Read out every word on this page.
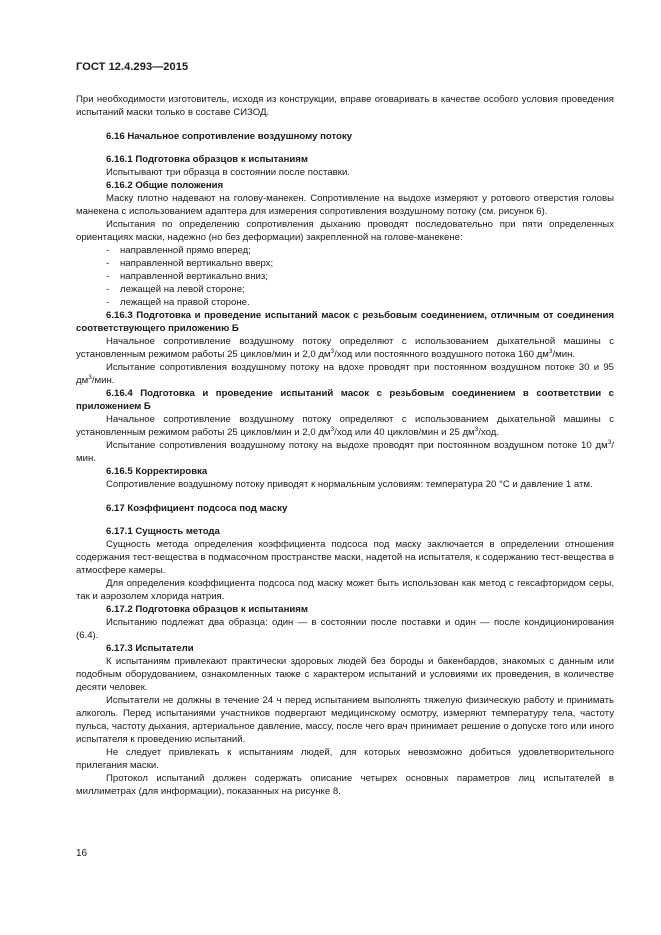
ГОСТ 12.4.293—2015

При необходимости изготовитель, исходя из конструкции, вправе оговаривать в качестве особого условия проведения испытаний маски только в составе СИЗОД.

6.16 Начальное сопротивление воздушному потоку

6.16.1 Подготовка образцов к испытаниям

Испытывают три образца в состоянии после поставки.

6.16.2 Общие положения

Маску плотно надевают на голову-манекен. Сопротивление на выдохе измеряют у ротового отверстия головы манекена с использованием адаптера для измерения сопротивления воздушному потоку (см. рисунок 6).

Испытания по определению сопротивления дыханию проводят последовательно при пяти определенных ориентациях маски, надежно (но без деформации) закрепленной на голове-манекене:

- направленной прямо вперед;

- направленной вертикально вверх;

- направленной вертикально вниз;

- лежащей на левой стороне;

- лежащей на правой стороне.

6.16.3 Подготовка и проведение испытаний масок с резьбовым соединением, отличным от соединения соответствующего приложению Б

Начальное сопротивление воздушному потоку определяют с использованием дыхательной машины с установленным режимом работы 25 циклов/мин и 2,0 $дм^3$/ход или постоянного воздушного потока 160 $дм^3$/мин.

Испытание сопротивления воздушному потоку на вдохе проводят при постоянном воздушном потоке 30 и 95 $дм^3$/мин.

6.16.4 Подготовка и проведение испытаний масок с резьбовым соединением в соответствии с приложением Б

Начальное сопротивление воздушному потоку определяют с использованием дыхательной машины с установленным режимом работы 25 циклов/мин и 2,0 $дм^3$/ход или 40 циклов/мин и 25 $дм^3$/ход.

Испытание сопротивления воздушному потоку на выдохе проводят при постоянном воздушном потоке 10 $дм^3$/мин.

6.16.5 Корректировка

Сопротивление воздушному потоку приводят к нормальным условиям: температура 20 °С и давление 1 атм.

6.17 Коэффициент подсоса под маску

6.17.1 Сущность метода

Сущность метода определения коэффициента подсоса под маску заключается в определении отношения содержания тест-вещества в подмасочном пространстве маски, надетой на испытателя, к содержанию тест-вещества в атмосфере камеры.

Для определения коэффициента подсоса под маску может быть использован как метод с гексафторидом серы, так и аэрозолем хлорида натрия.

6.17.2 Подготовка образцов к испытаниям

Испытанию подлежат два образца: один — в состоянии после поставки и один — после кондиционирования (6.4).

6.17.3 Испытатели

К испытаниям привлекают практически здоровых людей без бороды и бакенбардов, знакомых с данным или подобным оборудованием, ознакомленных также с характером испытаний и условиями их проведения, в количестве десяти человек.

Испытатели не должны в течение 24 ч перед испытанием выполнять тяжелую физическую работу и принимать алкоголь. Перед испытаниями участников подвергают медицинскому осмотру, измеряют температуру тела, частоту пульса, частоту дыхания, артериальное давление, массу, после чего врач принимает решение о допуске того или иного испытателя к проведению испытаний.

Не следует привлекать к испытаниям людей, для которых невозможно добиться удовлетворительного прилегания маски.

Протокол испытаний должен содержать описание четырех основных параметров лиц испытателей в миллиметрах (для информации), показанных на рисунке 8.

16
